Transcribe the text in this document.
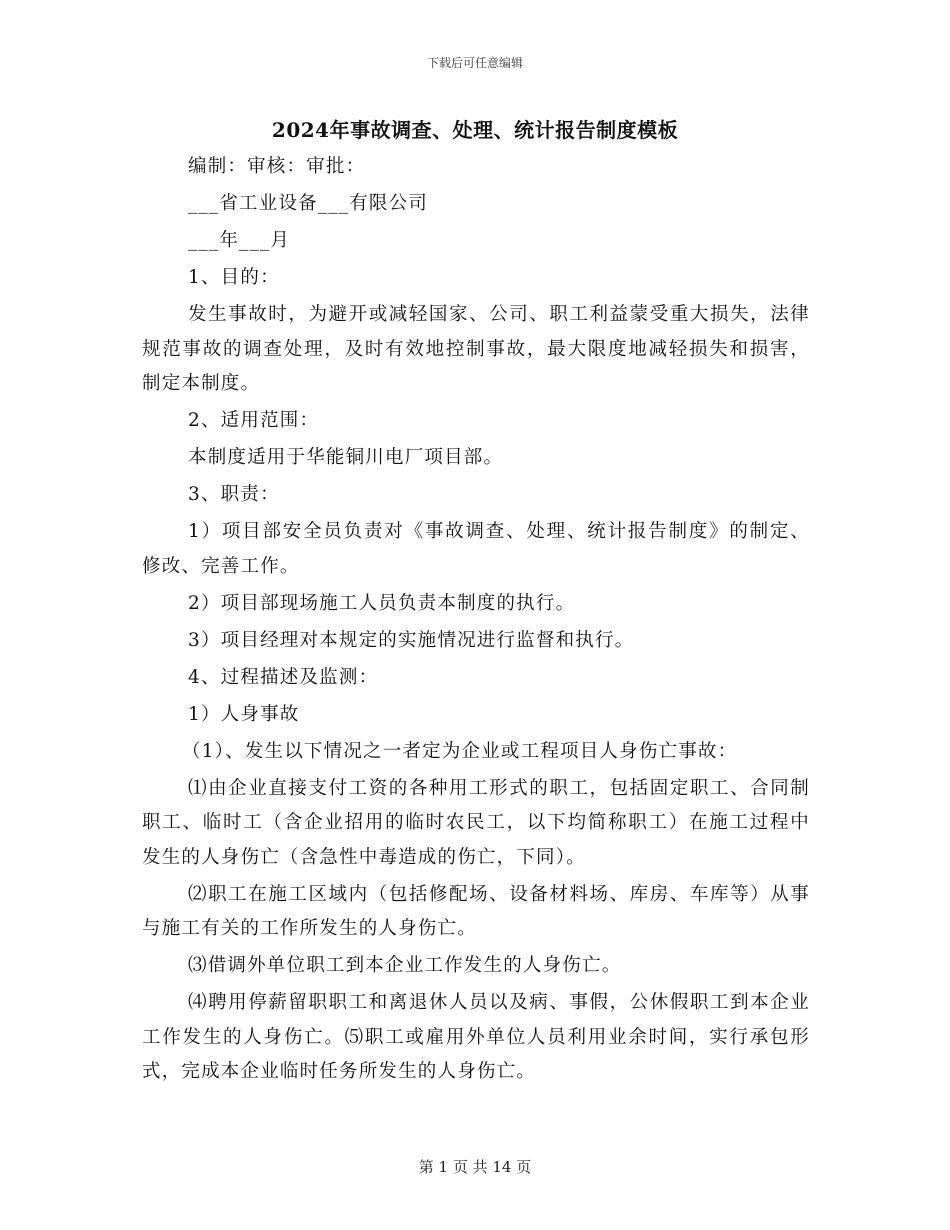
下载后可任意编辑
2024年事故调查、处理、统计报告制度模板

编制：审核：审批：

___省工业设备___有限公司

___年___月

1、目的：

发生事故时，为避开或减轻国家、公司、职工利益蒙受重大损失，法律规范事故的调查处理，及时有效地控制事故，最大限度地减轻损失和损害，制定本制度。

2、适用范围：

本制度适用于华能铜川电厂项目部。

3、职责：

1）项目部安全员负责对《事故调查、处理、统计报告制度》的制定、修改、完善工作。

2）项目部现场施工人员负责本制度的执行。

3）项目经理对本规定的实施情况进行监督和执行。

4、过程描述及监测：

1）人身事故

（1）、发生以下情况之一者定为企业或工程项目人身伤亡事故：

⑴由企业直接支付工资的各种用工形式的职工，包括固定职工、合同制职工、临时工（含企业招用的临时农民工，以下均简称职工）在施工过程中发生的人身伤亡（含急性中毒造成的伤亡，下同）。

⑵职工在施工区域内（包括修配场、设备材料场、库房、车库等）从事与施工有关的工作所发生的人身伤亡。

⑶借调外单位职工到本企业工作发生的人身伤亡。

⑷聘用停薪留职职工和离退休人员以及病、事假，公休假职工到本企业工作发生的人身伤亡。⑸职工或雇用外单位人员利用业余时间，实行承包形式，完成本企业临时任务所发生的人身伤亡。

第 1 页 共 14 页
